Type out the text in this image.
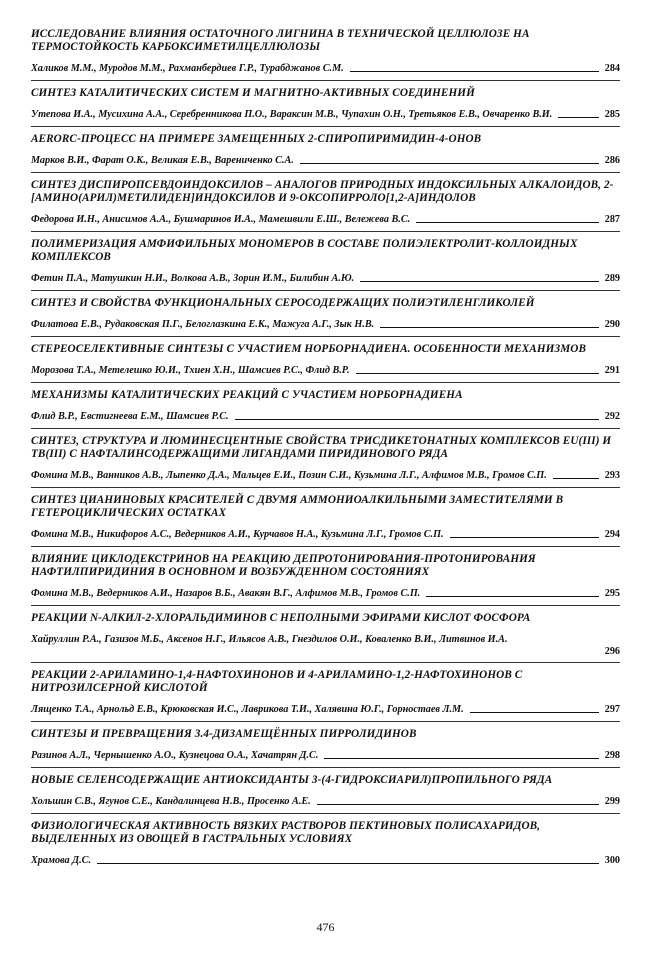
ИССЛЕДОВАНИЕ ВЛИЯНИЯ ОСТАТОЧНОГО ЛИГНИНА В ТЕХНИЧЕСКОЙ ЦЕЛЛЮЛОЗЕ НА ТЕРМОСТОЙКОСТЬ КАРБОКСИМЕТИЛЦЕЛЛЮЛОЗЫ
Халиков М.М., Муродов М.М., Рахманбердиев Г.Р., Турабджанов С.М.	284
СИНТЕЗ КАТАЛИТИЧЕСКИХ СИСТЕМ И МАГНИТНО-АКТИВНЫХ СОЕДИНЕНИЙ
Утепова И.А., Мусихина А.А., Серебренникова П.О., Вараксин М.В., Чупахин О.Н., Третьяков Е.В., Овчаренко В.И.	285
AERORC-ПРОЦЕСС НА ПРИМЕРЕ ЗАМЕЩЕННЫХ 2-СПИРОПИРИМИДИН-4-ОНОВ
Марков В.И., Фарат О.К., Великая Е.В., Варениченко С.А.	286
СИНТЕЗ ДИСПИРОПСЕВДОИНДОКСИЛОВ – АНАЛОГОВ ПРИРОДНЫХ ИНДОКСИЛЬНЫХ АЛКАЛОИДОВ, 2-[АМИНО(АРИЛ)МЕТИЛИДЕН]ИНДОКСИЛОВ И 9-ОКСОПИРРОЛО[1,2-A]ИНДОЛОВ
Федорова И.Н., Анисимов А.А., Бушмаринов И.А., Мамешвили Е.Ш., Вележева В.С.	287
ПОЛИМЕРИЗАЦИЯ АМФИФИЛЬНЫХ МОНОМЕРОВ В СОСТАВЕ ПОЛИЭЛЕКТРОЛИТ-КОЛЛОИДНЫХ КОМПЛЕКСОВ
Фетин П.А., Матушкин Н.И., Волкова А.В., Зорин И.М., Билибин А.Ю.	289
СИНТЕЗ И СВОЙСТВА ФУНКЦИОНАЛЬНЫХ СЕРОСОДЕРЖАЩИХ ПОЛИЭТИЛЕНГЛИКОЛЕЙ
Филатова Е.В., Рудаковская П.Г., Белоглазкина Е.К., Мажуга А.Г., Зык Н.В.	290
СТЕРЕОСЕЛЕКТИВНЫЕ СИНТЕЗЫ С УЧАСТИЕМ НОРБОРНАДИЕНА. ОСОБЕННОСТИ МЕХАНИЗМОВ
Морозова Т.А., Метелешко Ю.И., Тхиен Х.Н., Шамсиев Р.С., Флид В.Р.	291
МЕХАНИЗМЫ КАТАЛИТИЧЕСКИХ РЕАКЦИЙ С УЧАСТИЕМ НОРБОРНАДИЕНА
Флид В.Р., Евстигнеева Е.М., Шамсиев Р.С.	292
СИНТЕЗ, СТРУКТУРА И ЛЮМИНЕСЦЕНТНЫЕ СВОЙСТВА ТРИСДИКЕТОНАТНЫХ КОМПЛЕКСОВ EU(III) И TB(III) С НАФТАЛИНСОДЕРЖАЩИМИ ЛИГАНДАМИ ПИРИДИНОВОГО РЯДА
Фомина М.В., Ванников А.В., Лыпенко Д.А., Мальцев Е.И., Позин С.И., Кузьмина Л.Г., Алфимов М.В., Громов С.П.	293
СИНТЕЗ ЦИАНИНОВЫХ КРАСИТЕЛЕЙ С ДВУМЯ АММОНИОАЛКИЛЬНЫМИ ЗАМЕСТИТЕЛЯМИ В ГЕТЕРОЦИКЛИЧЕСКИХ ОСТАТКАХ
Фомина М.В., Никифоров А.С., Ведерников А.И., Курчавов Н.А., Кузьмина Л.Г., Громов С.П.	294
ВЛИЯНИЕ ЦИКЛОДЕКСТРИНОВ НА РЕАКЦИЮ ДЕПРОТОНИРОВАНИЯ-ПРОТОНИРОВАНИЯ НАФТИЛПИРИДИНИЯ В ОСНОВНОМ И ВОЗБУЖДЕННОМ СОСТОЯНИЯХ
Фомина М.В., Ведерников А.И., Назаров В.Б., Авакян В.Г., Алфимов М.В., Громов С.П.	295
РЕАКЦИИ N-АЛКИЛ-2-ХЛОРАЛЬДИМИНОВ С НЕПОЛНЫМИ ЭФИРАМИ КИСЛОТ ФОСФОРА
Хайруллин Р.А., Газизов М.Б., Аксенов Н.Г., Ильясов А.В., Гнездилов О.И., Коваленко В.И., Литвинов И.А.
296
РЕАКЦИИ 2-АРИЛАМИНО-1,4-НАФТОХИНОНОВ И 4-АРИЛАМИНО-1,2-НАФТОХИНОНОВ С НИТРОЗИЛСЕРНОЙ КИСЛОТОЙ
Лященко Т.А., Арнольд Е.В., Крюковская И.С., Лаврикова Т.И., Халявина Ю.Г., Горностаев Л.М.	297
СИНТЕЗЫ И ПРЕВРАЩЕНИЯ 3.4-ДИЗАМЕЩЁННЫХ ПИРРОЛИДИНОВ
Разинов А.Л., Чернышенко А.О., Кузнецова О.А., Хачатрян Д.С.	298
НОВЫЕ СЕЛЕНСОДЕРЖАЩИЕ АНТИОКСИДАНТЫ 3-(4-ГИДРОКСИАРИЛ)ПРОПИЛЬНОГО РЯДА
Хольшин С.В., Ягунов С.Е., Кандалинцева Н.В., Просенко А.Е.	299
ФИЗИОЛОГИЧЕСКАЯ АКТИВНОСТЬ ВЯЗКИХ РАСТВОРОВ ПЕКТИНОВЫХ ПОЛИСАХАРИДОВ, ВЫДЕЛЕННЫХ ИЗ ОВОЩЕЙ В ГАСТРАЛЬНЫХ УСЛОВИЯХ
Храмова Д.С.	300
476
